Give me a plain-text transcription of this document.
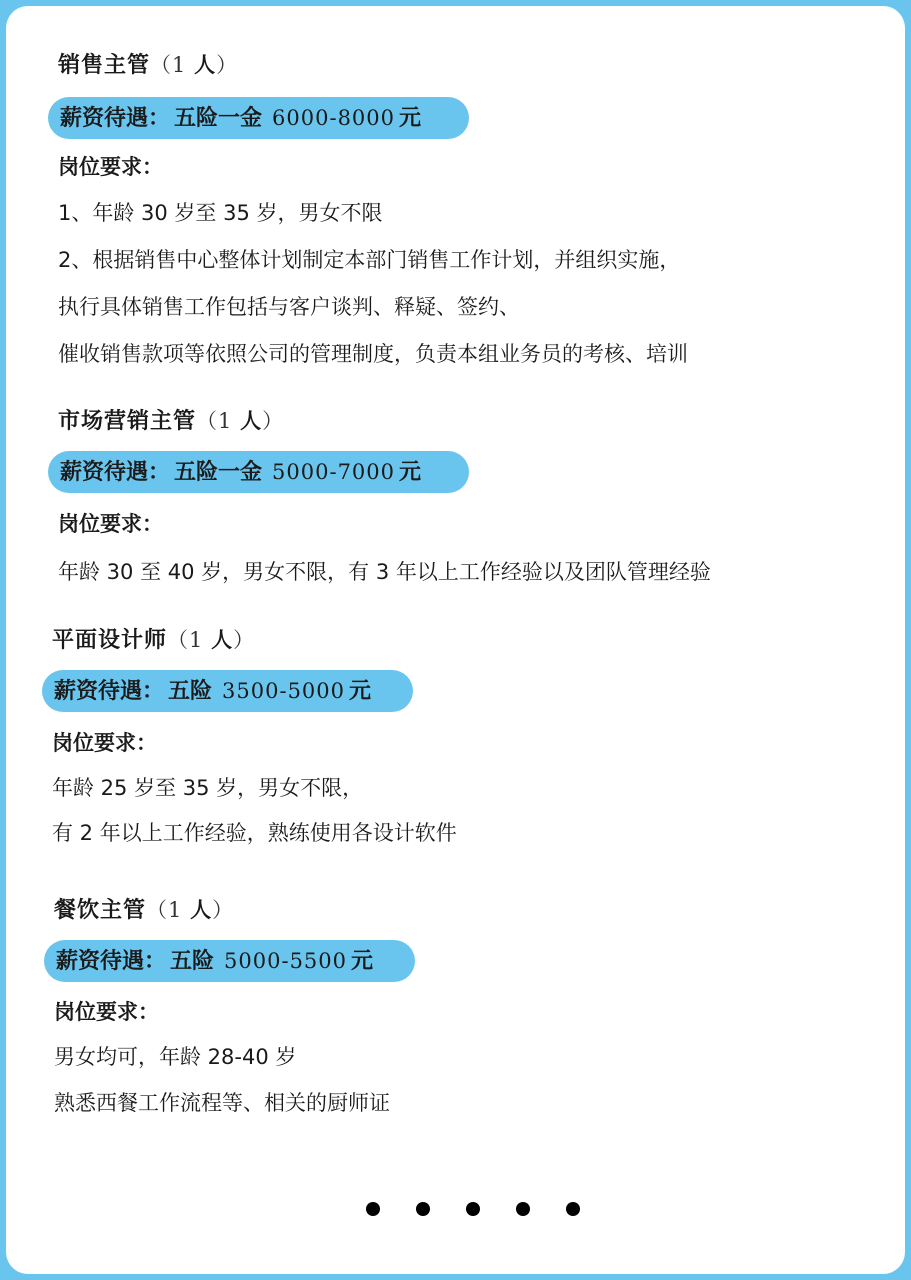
销售主管（1 人）
薪资待遇： 五险一金 6000-8000 元
岗位要求：
1、年龄 30 岁至 35 岁，男女不限
2、根据销售中心整体计划制定本部门销售工作计划，并组织实施，
执行具体销售工作包括与客户谈判、释疑、签约、
催收销售款项等依照公司的管理制度，负责本组业务员的考核、培训
市场营销主管（1 人）
薪资待遇： 五险一金 5000-7000 元
岗位要求：
年龄 30 至 40 岁，男女不限，有 3 年以上工作经验以及团队管理经验
平面设计师（1 人）
薪资待遇： 五险 3500-5000 元
岗位要求：
年龄 25 岁至 35 岁，男女不限，
有 2 年以上工作经验，熟练使用各设计软件
餐饮主管（1 人）
薪资待遇： 五险 5000-5500 元
岗位要求：
男女均可，年龄 28-40 岁
熟悉西餐工作流程等、相关的厨师证
